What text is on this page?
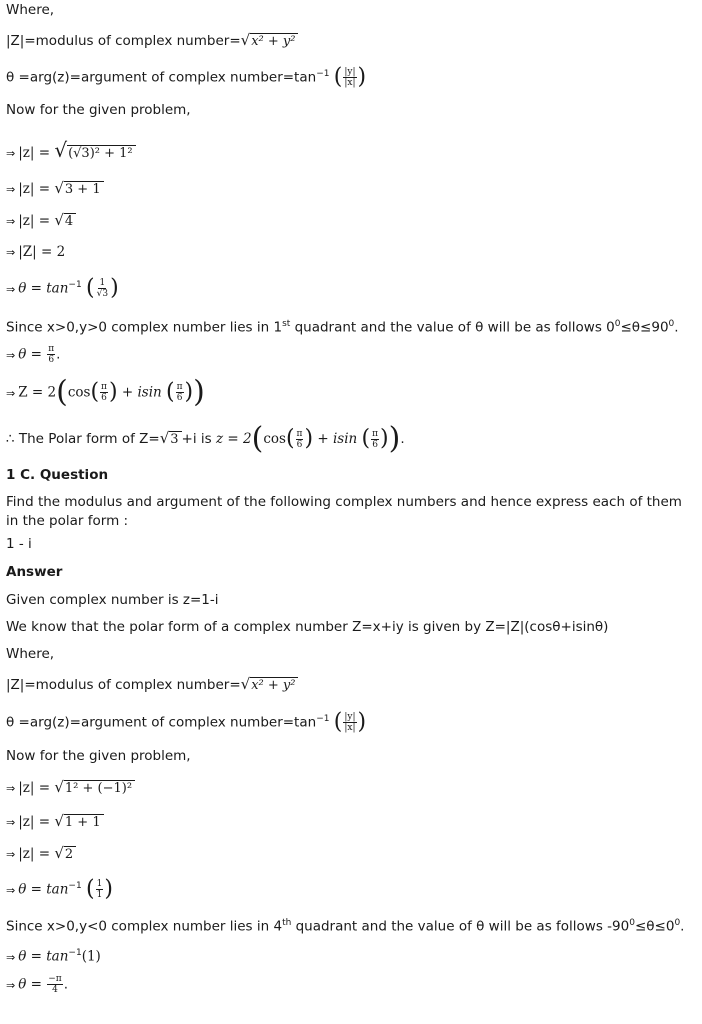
Where,
|Z|=modulus of complex number=√x² + y²
θ =arg(z)=argument of complex $number=\tan^{-1}$ ( $\frac{|y|}{|x|}$ )
Now for the given problem,
⇒ |z| = √(√3)² + 1²
⇒ |z| = √3 + 1
⇒ |z| = √4
⇒ |Z| = 2
⇒ $\theta = \tan^{-1}$ ( $\frac{1}{√3}$ )
Since x>0,y>0 complex number lies in 1st quadrant and the value of θ will be as follows $0^0\le\theta\le 90^0$.
⇒ $\theta = \frac{\pi}{6}$ .
⇒ $Z = 2(\cos( \frac{\pi}{6}$ ) + isin ( $\frac{\pi}{6}$ ))
∴ The Polar form of Z=√3 +i is $z = 2(\cos( \frac{\pi}{6}$ ) + isin ( $\frac{\pi}{6}$ )).
1 C. Question
Find the modulus and argument of the following complex numbers and hence express each of them in the polar form :
1 - i
Answer
Given complex number is z=1-i
We know that the polar form of a complex number Z=x+iy is given by Z=|Z|(cosθ+isinθ)
Where,
|Z|=modulus of complex number=√x² + y²
θ =arg(z)=argument of complex $number=\tan^{-1}$ ( $\frac{|y|}{|x|}$ )
Now for the given problem,
⇒ |z| = √1² + (−1)²
⇒ |z| = √1 + 1
⇒ |z| = √2
⇒ $\theta = \tan^{-1}$ ( $\frac{1}{1}$ )
Since x>0,y<0 complex number lies in 4th quadrant and the value of θ will be as follows $-90^0\le\theta\le 0^0$.
⇒ $\theta = \tan^{-1}(1)$
⇒ $\theta = \frac{-\pi}{4}$ .
